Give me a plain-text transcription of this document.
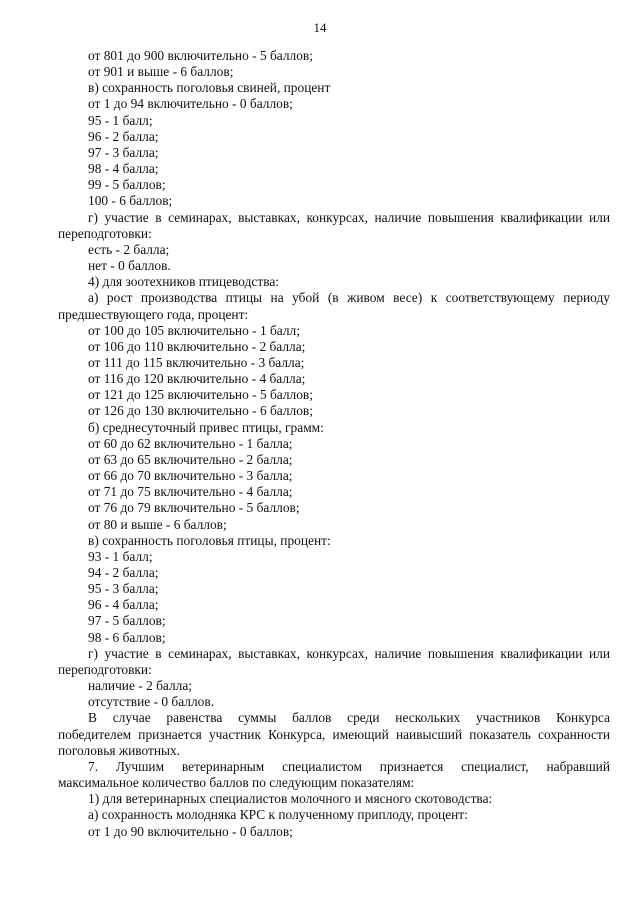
14

от 801 до 900 включительно - 5 баллов;

от 901 и выше - 6 баллов;

в) сохранность поголовья свиней, процент

от 1 до 94 включительно - 0 баллов;

95 - 1 балл;

96 - 2 балла;

97 - 3 балла;

98 - 4 балла;

99 - 5 баллов;

100 - 6 баллов;

г) участие в семинарах, выставках, конкурсах, наличие повышения квалификации или
переподготовки:

есть - 2 балла;

нет - 0 баллов.

4) для зоотехников птицеводства:

а) рост производства птицы на убой (в живом весе) к соответствующему периоду
предшествующего года, процент:

от 100 до 105 включительно - 1 балл;

от 106 до 110 включительно - 2 балла;

от 111 до 115 включительно - 3 балла;

от 116 до 120 включительно - 4 балла;

от 121 до 125 включительно - 5 баллов;

от 126 до 130 включительно - 6 баллов;

б) среднесуточный привес птицы, грамм:

от 60 до 62 включительно - 1 балла;

от 63 до 65 включительно - 2 балла;

от 66 до 70 включительно - 3 балла;

от 71 до 75 включительно - 4 балла;

от 76 до 79 включительно - 5 баллов;

от 80 и выше - 6 баллов;

в) сохранность поголовья птицы, процент:

93 - 1 балл;

94 - 2 балла;

95 - 3 балла;

96 - 4 балла;

97 - 5 баллов;

98 - 6 баллов;

г) участие в семинарах, выставках, конкурсах, наличие повышения квалификации или
переподготовки:

наличие - 2 балла;

отсутствие - 0 баллов.

В случае равенства суммы баллов среди нескольких участников Конкурса
победителем признается участник Конкурса, имеющий наивысший показатель сохранности поголовья животных.

7. Лучшим ветеринарным специалистом признается специалист, набравший
максимальное количество баллов по следующим показателям:

1) для ветеринарных специалистов молочного и мясного скотоводства:

а) сохранность молодняка КРС к полученному приплоду, процент:

от 1 до 90 включительно - 0 баллов;
